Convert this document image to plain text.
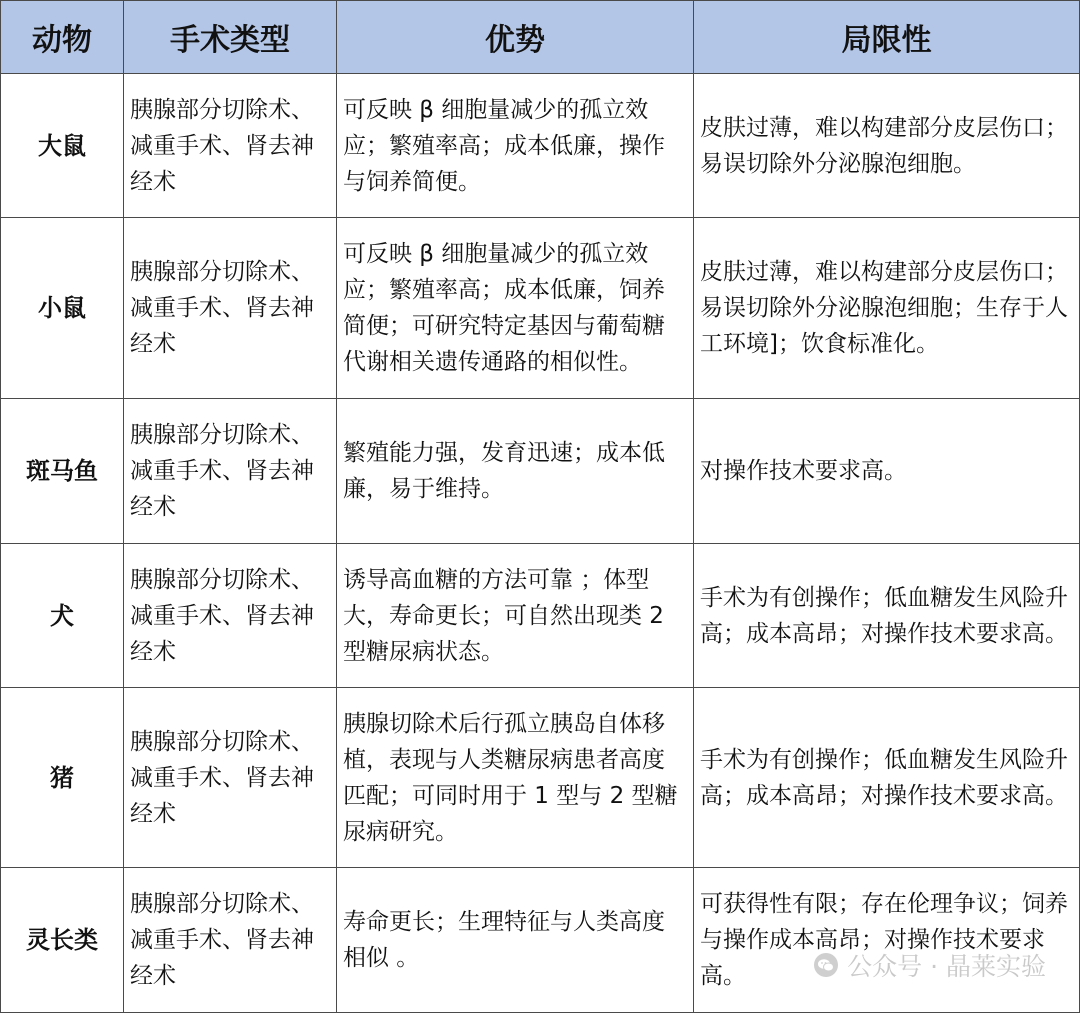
动物	手术类型	优势	局限性
大鼠	胰腺部分切除术、减重手术、肾去神经术	可反映 β 细胞量减少的孤立效应；繁殖率高；成本低廉，操作与饲养简便。	皮肤过薄，难以构建部分皮层伤口；易误切除外分泌腺泡细胞。
小鼠	胰腺部分切除术、减重手术、肾去神经术	可反映 β 细胞量减少的孤立效应；繁殖率高；成本低廉，饲养简便；可研究特定基因与葡萄糖代谢相关遗传通路的相似性。	皮肤过薄，难以构建部分皮层伤口；易误切除外分泌腺泡细胞；生存于人工环境]；饮食标准化。
斑马鱼	胰腺部分切除术、减重手术、肾去神经术	繁殖能力强，发育迅速；成本低廉，易于维持。	对操作技术要求高。
犬	胰腺部分切除术、减重手术、肾去神经术	诱导高血糖的方法可靠 ；体型大，寿命更长；可自然出现类 2 型糖尿病状态。	手术为有创操作；低血糖发生风险升高；成本高昂；对操作技术要求高。
猪	胰腺部分切除术、减重手术、肾去神经术	胰腺切除术后行孤立胰岛自体移植，表现与人类糖尿病患者高度匹配；可同时用于 1 型与 2 型糖尿病研究。	手术为有创操作；低血糖发生风险升高；成本高昂；对操作技术要求高。
灵长类	胰腺部分切除术、减重手术、肾去神经术	寿命更长；生理特征与人类高度相似 。	可获得性有限；存在伦理争议；饲养与操作成本高昂；对操作技术要求高。	公众号 · 晶莱实验
